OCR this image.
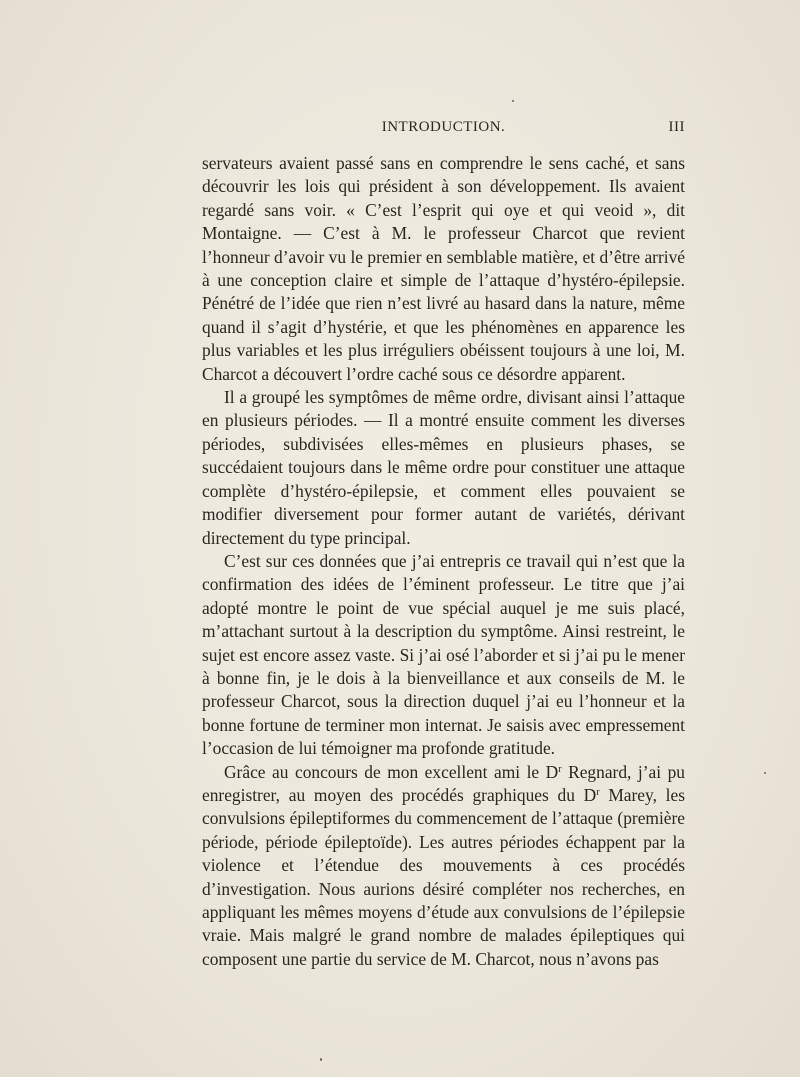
INTRODUCTION.	III

servateurs avaient passé sans en comprendre le sens caché, et sans découvrir les lois qui président à son développement. Ils avaient regardé sans voir. « C’est l’esprit qui oye et qui veoid », dit Montaigne. — C’est à M. le professeur Charcot que revient l’honneur d’avoir vu le premier en semblable matière, et d’être arrivé à une conception claire et simple de l’attaque d’hystéro-épilepsie. Pénétré de l’idée que rien n’est livré au hasard dans la nature, même quand il s’agit d’hystérie, et que les phénomènes en apparence les plus variables et les plus irréguliers obéissent toujours à une loi, M. Charcot a découvert l’ordre caché sous ce désordre apparent.

Il a groupé les symptômes de même ordre, divisant ainsi l’attaque en plusieurs périodes. — Il a montré ensuite comment les diverses périodes, subdivisées elles-mêmes en plusieurs phases, se succédaient toujours dans le même ordre pour constituer une attaque complète d’hystéro-épilepsie, et comment elles pouvaient se modifier diversement pour former autant de variétés, dérivant directement du type principal.

C’est sur ces données que j’ai entrepris ce travail qui n’est que la confirmation des idées de l’éminent professeur. Le titre que j’ai adopté montre le point de vue spécial auquel je me suis placé, m’attachant surtout à la description du symptôme. Ainsi restreint, le sujet est encore assez vaste. Si j’ai osé l’aborder et si j’ai pu le mener à bonne fin, je le dois à la bienveillance et aux conseils de M. le professeur Charcot, sous la direction duquel j’ai eu l’honneur et la bonne fortune de terminer mon internat. Je saisis avec empressement l’occasion de lui témoigner ma profonde gratitude.

Grâce au concours de mon excellent ami le $D^r$ Regnard, j’ai pu enregistrer, au moyen des procédés graphiques du $D^r$ Marey, les convulsions épileptiformes du commencement de l’attaque (première période, période épileptoïde). Les autres périodes échappent par la violence et l’étendue des mouvements à ces procédés d’investigation. Nous aurions désiré compléter nos recherches, en appliquant les mêmes moyens d’étude aux convulsions de l’épilepsie vraie. Mais malgré le grand nombre de malades épileptiques qui composent une partie du service de M. Charcot, nous n’avons pas
